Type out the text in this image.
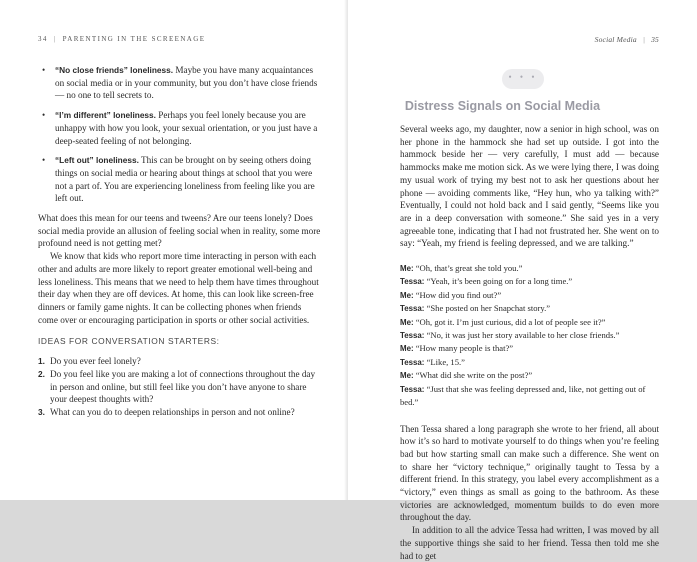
34 | PARENTING IN THE SCREENAGE
• “No close friends” loneliness. Maybe you have many acquaintances on social media or in your community, but you don’t have close friends — no one to tell secrets to.
• “I’m different” loneliness. Perhaps you feel lonely because you are unhappy with how you look, your sexual orientation, or you just have a deep-seated feeling of not belonging.
• “Left out” loneliness. This can be brought on by seeing others doing things on social media or hearing about things at school that you were not a part of. You are experiencing loneliness from feeling like you are left out.

What does this mean for our teens and tweens? Are our teens lonely? Does social media provide an allusion of feeling social when in reality, some more profound need is not getting met?

We know that kids who report more time interacting in person with each other and adults are more likely to report greater emotional well-being and less loneliness. This means that we need to help them have times throughout their day when they are off devices. At home, this can look like screen-free dinners or family game nights. It can be collecting phones when friends come over or encouraging participation in sports or other social activities.

IDEAS FOR CONVERSATION STARTERS:
1. Do you ever feel lonely?
2. Do you feel like you are making a lot of connections throughout the day in person and online, but still feel like you don’t have anyone to share your deepest thoughts with?
3. What can you do to deepen relationships in person and not online?
Social Media | 35

Several weeks ago, my daughter, now a senior in high school, was on her phone in the hammock she had set up outside. I got into the hammock beside her — very carefully, I must add — because hammocks make me motion sick. As we were lying there, I was doing my usual work of trying my best not to ask her questions about her phone — avoiding comments like, “Hey hun, who ya talking with?” Eventually, I could not hold back and I said gently, “Seems like you are in a deep conversation with someone.” She said yes in a very agreeable tone, indicating that I had not frustrated her. She went on to say: “Yeah, my friend is feeling depressed, and we are talking.”

Me: “Oh, that’s great she told you.”
Tessa: “Yeah, it’s been going on for a long time.”
Me: “How did you find out?”
Tessa: “She posted on her Snapchat story.”
Me: “Oh, got it. I’m just curious, did a lot of people see it?”
Tessa: “No, it was just her story available to her close friends.”
Me: “How many people is that?”
Tessa: “Like, 15.”
Me: “What did she write on the post?”
Tessa: “Just that she was feeling depressed and, like, not getting out of bed.”

Then Tessa shared a long paragraph she wrote to her friend, all about how it’s so hard to motivate yourself to do things when you’re feeling bad but how starting small can make such a difference. She went on to share her “victory technique,” originally taught to Tessa by a different friend. In this strategy, you label every accomplishment as a “victory,” even things as small as going to the bathroom. As these victories are acknowledged, momentum builds to do even more throughout the day.

In addition to all the advice Tessa had written, I was moved by all the supportive things she said to her friend. Tessa then told me she had to get

• • •
Distress Signals on Social Media
